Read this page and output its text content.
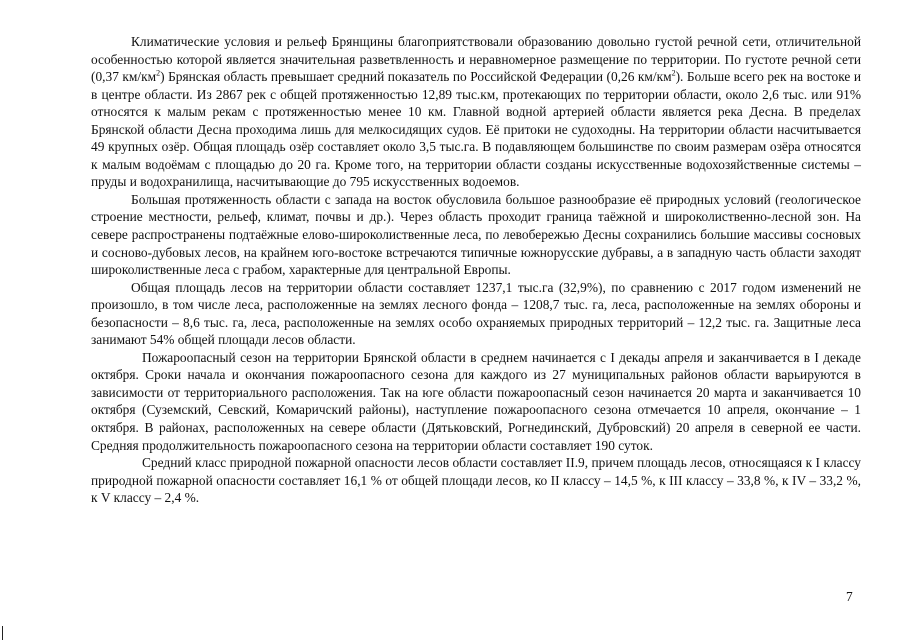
Климатические условия и рельеф Брянщины благоприятствовали образованию довольно густой речной сети, отличительной особенностью которой является значительная разветвленность и неравномерное размещение по территории. По густоте речной сети (0,37 $км/км^2$) Брянская область превышает средний показатель по Российской Федерации (0,26 $км/км^2$). Больше всего рек на востоке и в центре области. Из 2867 рек с общей протяженностью 12,89 тыс.км, протекающих по территории области, около 2,6 тыс. или 91% относятся к малым рекам с протяженностью менее 10 км. Главной водной артерией области является река Десна. В пределах Брянской области Десна проходима лишь для мелкосидящих судов. Её притоки не судоходны. На территории области насчитывается 49 крупных озёр. Общая площадь озёр составляет около 3,5 тыс.га. В подавляющем большинстве по своим размерам озёра относятся к малым водоёмам с площадью до 20 га. Кроме того, на территории области созданы искусственные водохозяйственные системы – пруды и водохранилища, насчитывающие до 795 искусственных водоемов.

Большая протяженность области с запада на восток обусловила большое разнообразие её природных условий (геологическое строение местности, рельеф, климат, почвы и др.). Через область проходит граница таёжной и широколиственно-лесной зон. На севере распространены подтаёжные елово-широколиственные леса, по левобережью Десны сохранились большие массивы сосновых и сосново-дубовых лесов, на крайнем юго-востоке встречаются типичные южнорусские дубравы, а в западную часть области заходят широколиственные леса с грабом, характерные для центральной Европы.

Общая площадь лесов на территории области составляет 1237,1 тыс.га (32,9%), по сравнению с 2017 годом изменений не произошло, в том числе леса, расположенные на землях лесного фонда – 1208,7 тыс. га, леса, расположенные на землях обороны и безопасности – 8,6 тыс. га, леса, расположенные на землях особо охраняемых природных территорий – 12,2 тыс. га. Защитные леса занимают 54% общей площади лесов области.

Пожароопасный сезон на территории Брянской области в среднем начинается с I декады апреля и заканчивается в I декаде октября. Сроки начала и окончания пожароопасного сезона для каждого из 27 муниципальных районов области варьируются в зависимости от территориального расположения. Так на юге области пожароопасный сезон начинается 20 марта и заканчивается 10 октября (Суземский, Севский, Комаричский районы), наступление пожароопасного сезона отмечается 10 апреля, окончание – 1 октября. В районах, расположенных на севере области (Дятьковский, Рогнединский, Дубровский) 20 апреля в северной ее части. Средняя продолжительность пожароопасного сезона на территории области составляет 190 суток.

Средний класс природной пожарной опасности лесов области составляет II.9, причем площадь лесов, относящаяся к I классу природной пожарной опасности составляет 16,1 % от общей площади лесов, ко II классу – 14,5 %, к III классу – 33,8 %, к IV – 33,2 %, к V классу – 2,4 %.

7
